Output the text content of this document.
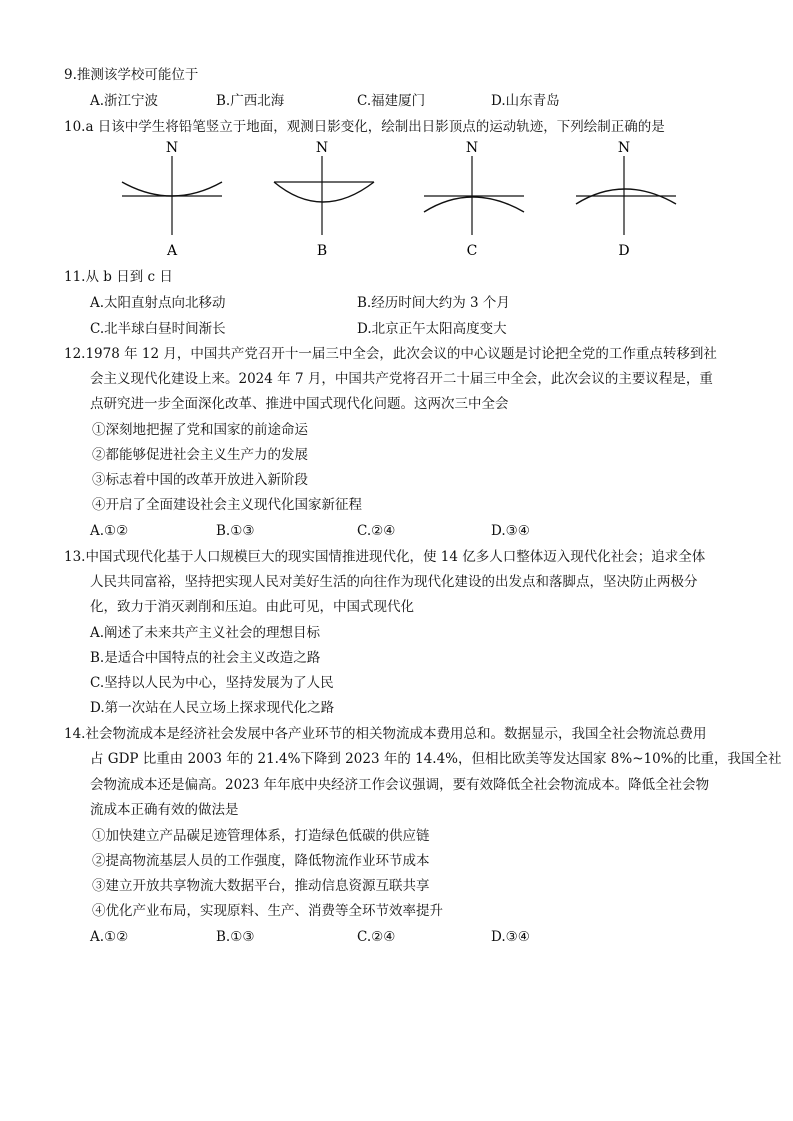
9.推测该学校可能位于
A.浙江宁波	B.广西北海	C.福建厦门	D.山东青岛
10.a 日该中学生将铅笔竖立于地面，观测日影变化，绘制出日影顶点的运动轨迹，下列绘制正确的是
N
A
N
B
N
C
N
D
11.从 b 日到 c 日
A.太阳直射点向北移动	B.经历时间大约为 3 个月
C.北半球白昼时间渐长	D.北京正午太阳高度变大
12.1978 年 12 月，中国共产党召开十一届三中全会，此次会议的中心议题是讨论把全党的工作重点转移到社
会主义现代化建设上来。2024 年 7 月，中国共产党将召开二十届三中全会，此次会议的主要议程是，重
点研究进一步全面深化改革、推进中国式现代化问题。这两次三中全会
①深刻地把握了党和国家的前途命运
②都能够促进社会主义生产力的发展
③标志着中国的改革开放进入新阶段
④开启了全面建设社会主义现代化国家新征程
A.①②	B.①③	C.②④	D.③④
13.中国式现代化基于人口规模巨大的现实国情推进现代化，使 14 亿多人口整体迈入现代化社会；追求全体
人民共同富裕，坚持把实现人民对美好生活的向往作为现代化建设的出发点和落脚点，坚决防止两极分
化，致力于消灭剥削和压迫。由此可见，中国式现代化
A.阐述了未来共产主义社会的理想目标
B.是适合中国特点的社会主义改造之路
C.坚持以人民为中心，坚持发展为了人民
D.第一次站在人民立场上探求现代化之路
14.社会物流成本是经济社会发展中各产业环节的相关物流成本费用总和。数据显示，我国全社会物流总费用
占 GDP 比重由 2003 年的 21.4%下降到 2023 年的 14.4%，但相比欧美等发达国家 8%~10%的比重，我国全社
会物流成本还是偏高。2023 年年底中央经济工作会议强调，要有效降低全社会物流成本。降低全社会物
流成本正确有效的做法是
①加快建立产品碳足迹管理体系，打造绿色低碳的供应链
②提高物流基层人员的工作强度，降低物流作业环节成本
③建立开放共享物流大数据平台，推动信息资源互联共享
④优化产业布局，实现原料、生产、消费等全环节效率提升
A.①②	B.①③	C.②④	D.③④
